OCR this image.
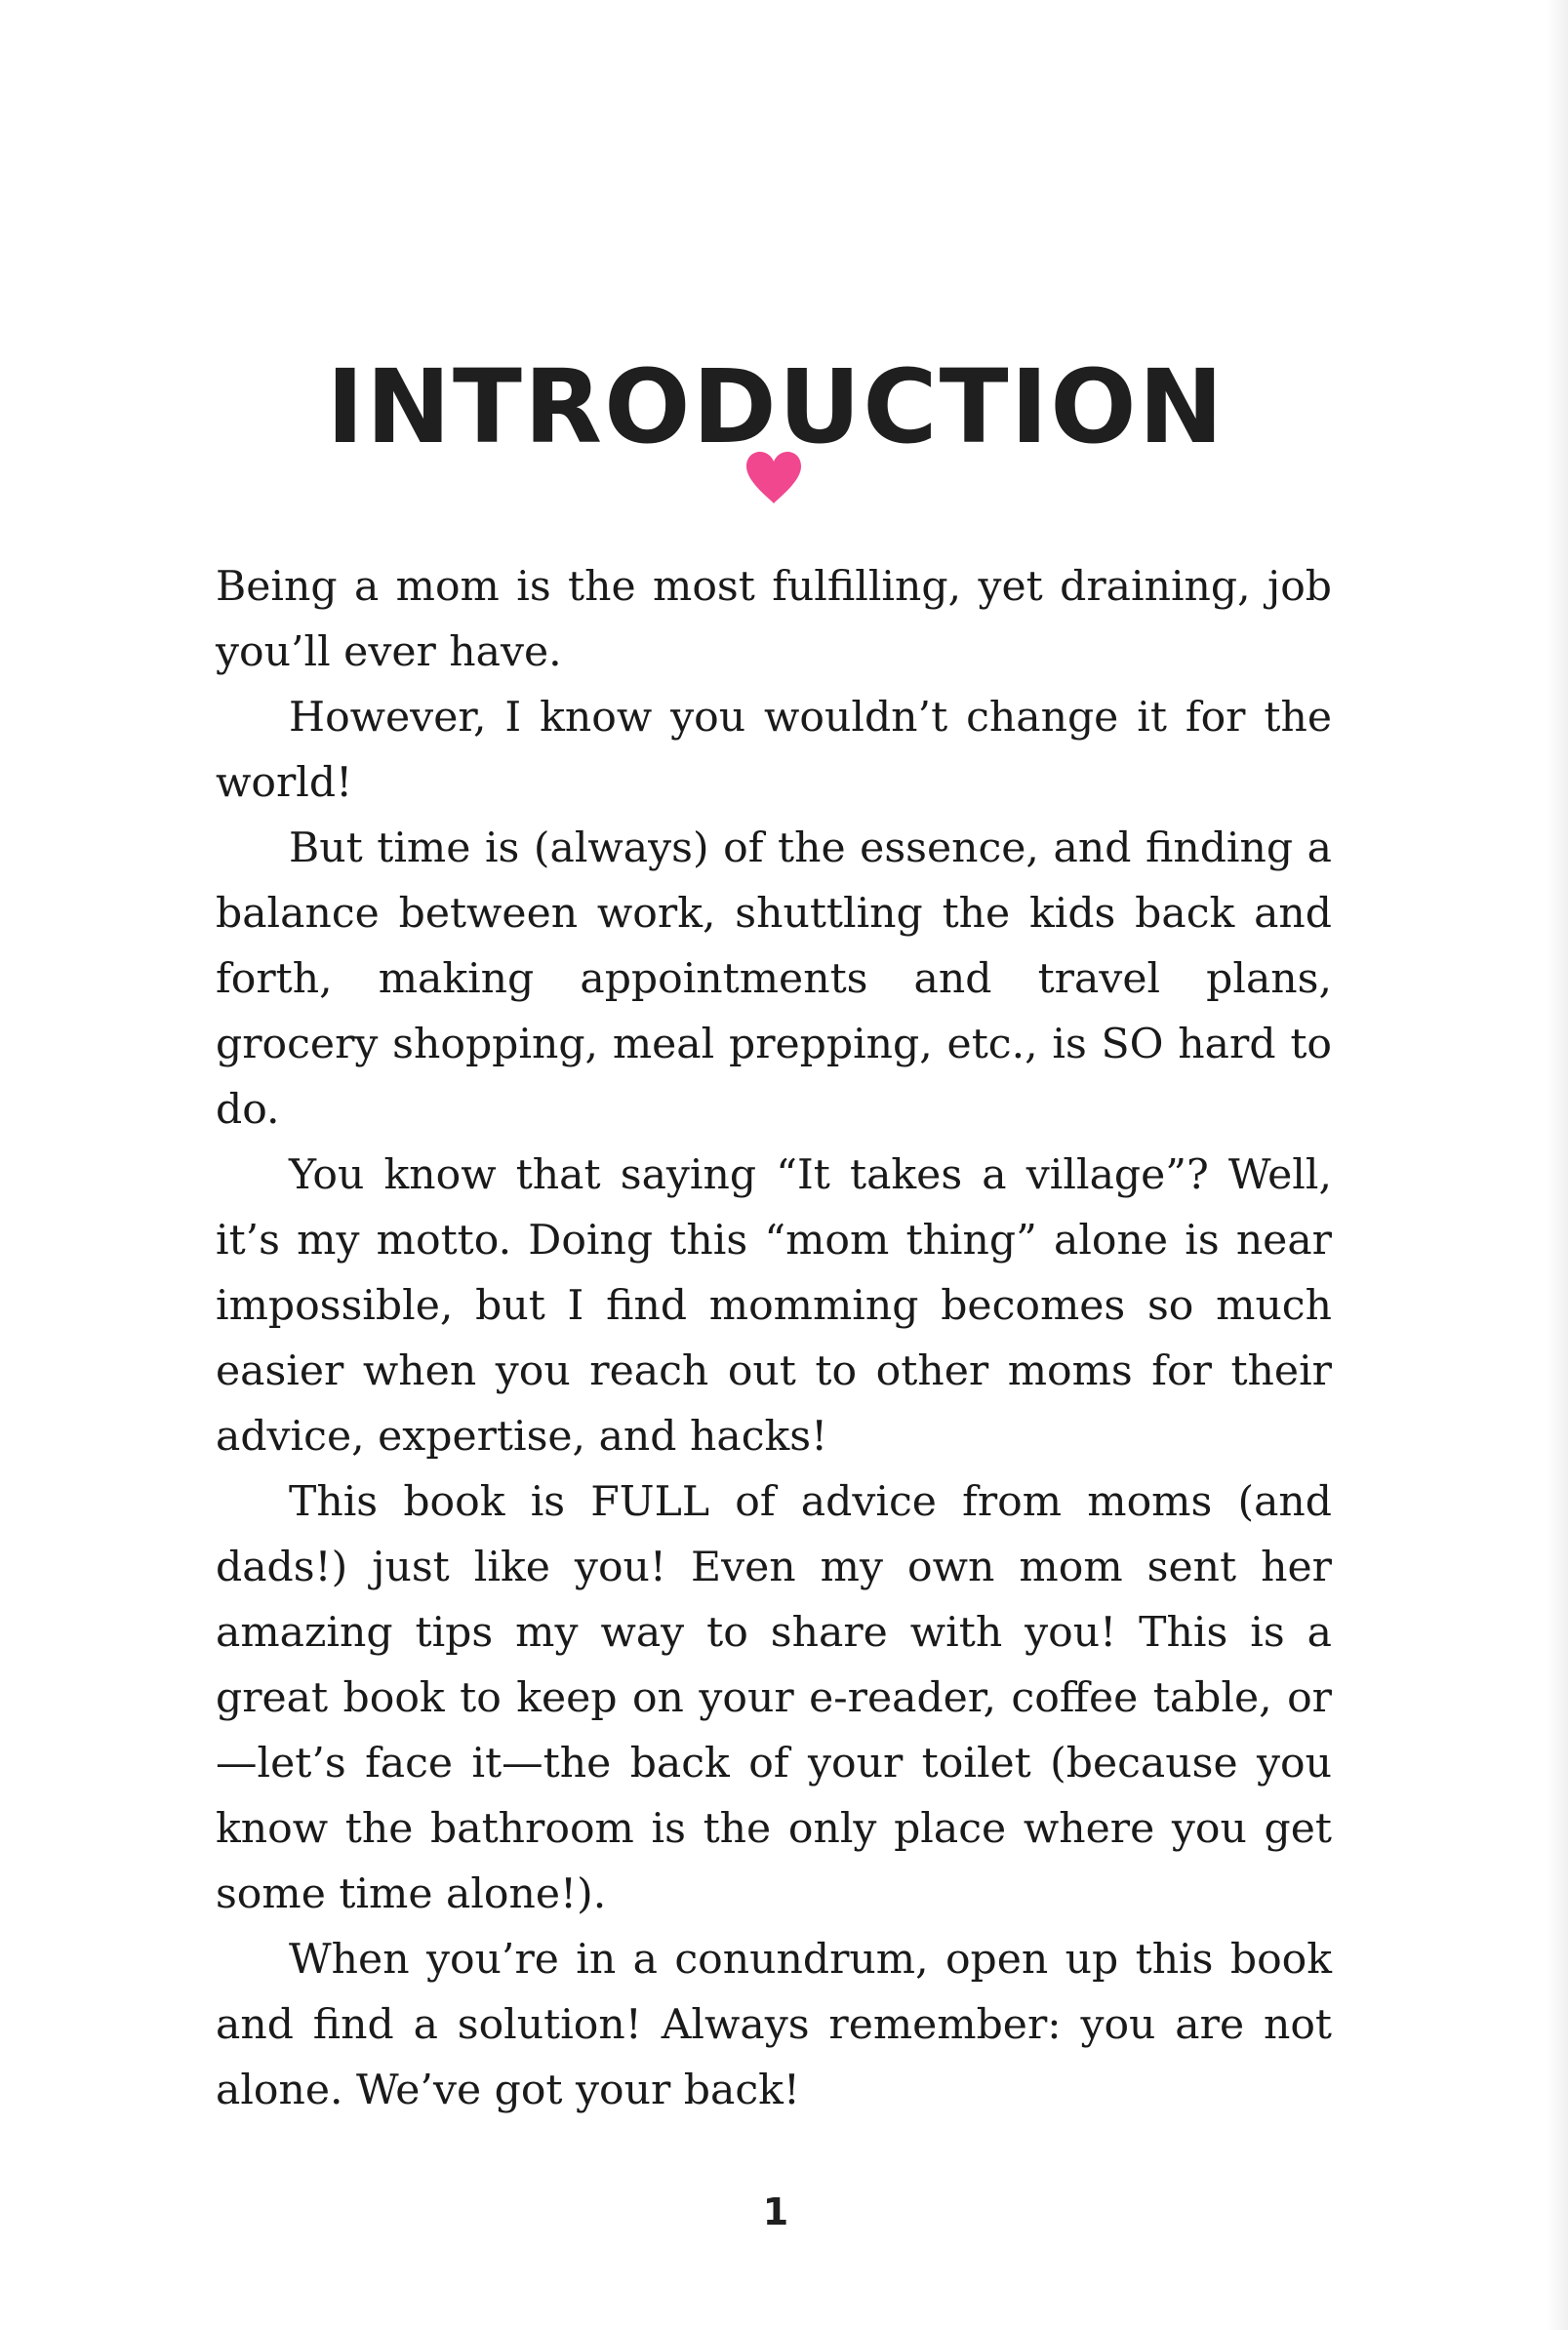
INTRODUCTION

Being a mom is the most fulfilling, yet draining, job you’ll ever have.

However, I know you wouldn’t change it for the world!

But time is (always) of the essence, and finding a balance between work, shuttling the kids back and forth, making appointments and travel plans, grocery shopping, meal prepping, etc., is SO hard to do.

You know that saying “It takes a village”? Well, it’s my motto. Doing this “mom thing” alone is near impossible, but I find momming becomes so much easier when you reach out to other moms for their advice, expertise, and hacks!

This book is FULL of advice from moms (and dads!) just like you! Even my own mom sent her amazing tips my way to share with you! This is a great book to keep on your e-reader, coffee table, or—let’s face it—the back of your toilet (because you know the bathroom is the only place where you get some time alone!).

When you’re in a conundrum, open up this book and find a solution! Always remember: you are not alone. We’ve got your back!

1
